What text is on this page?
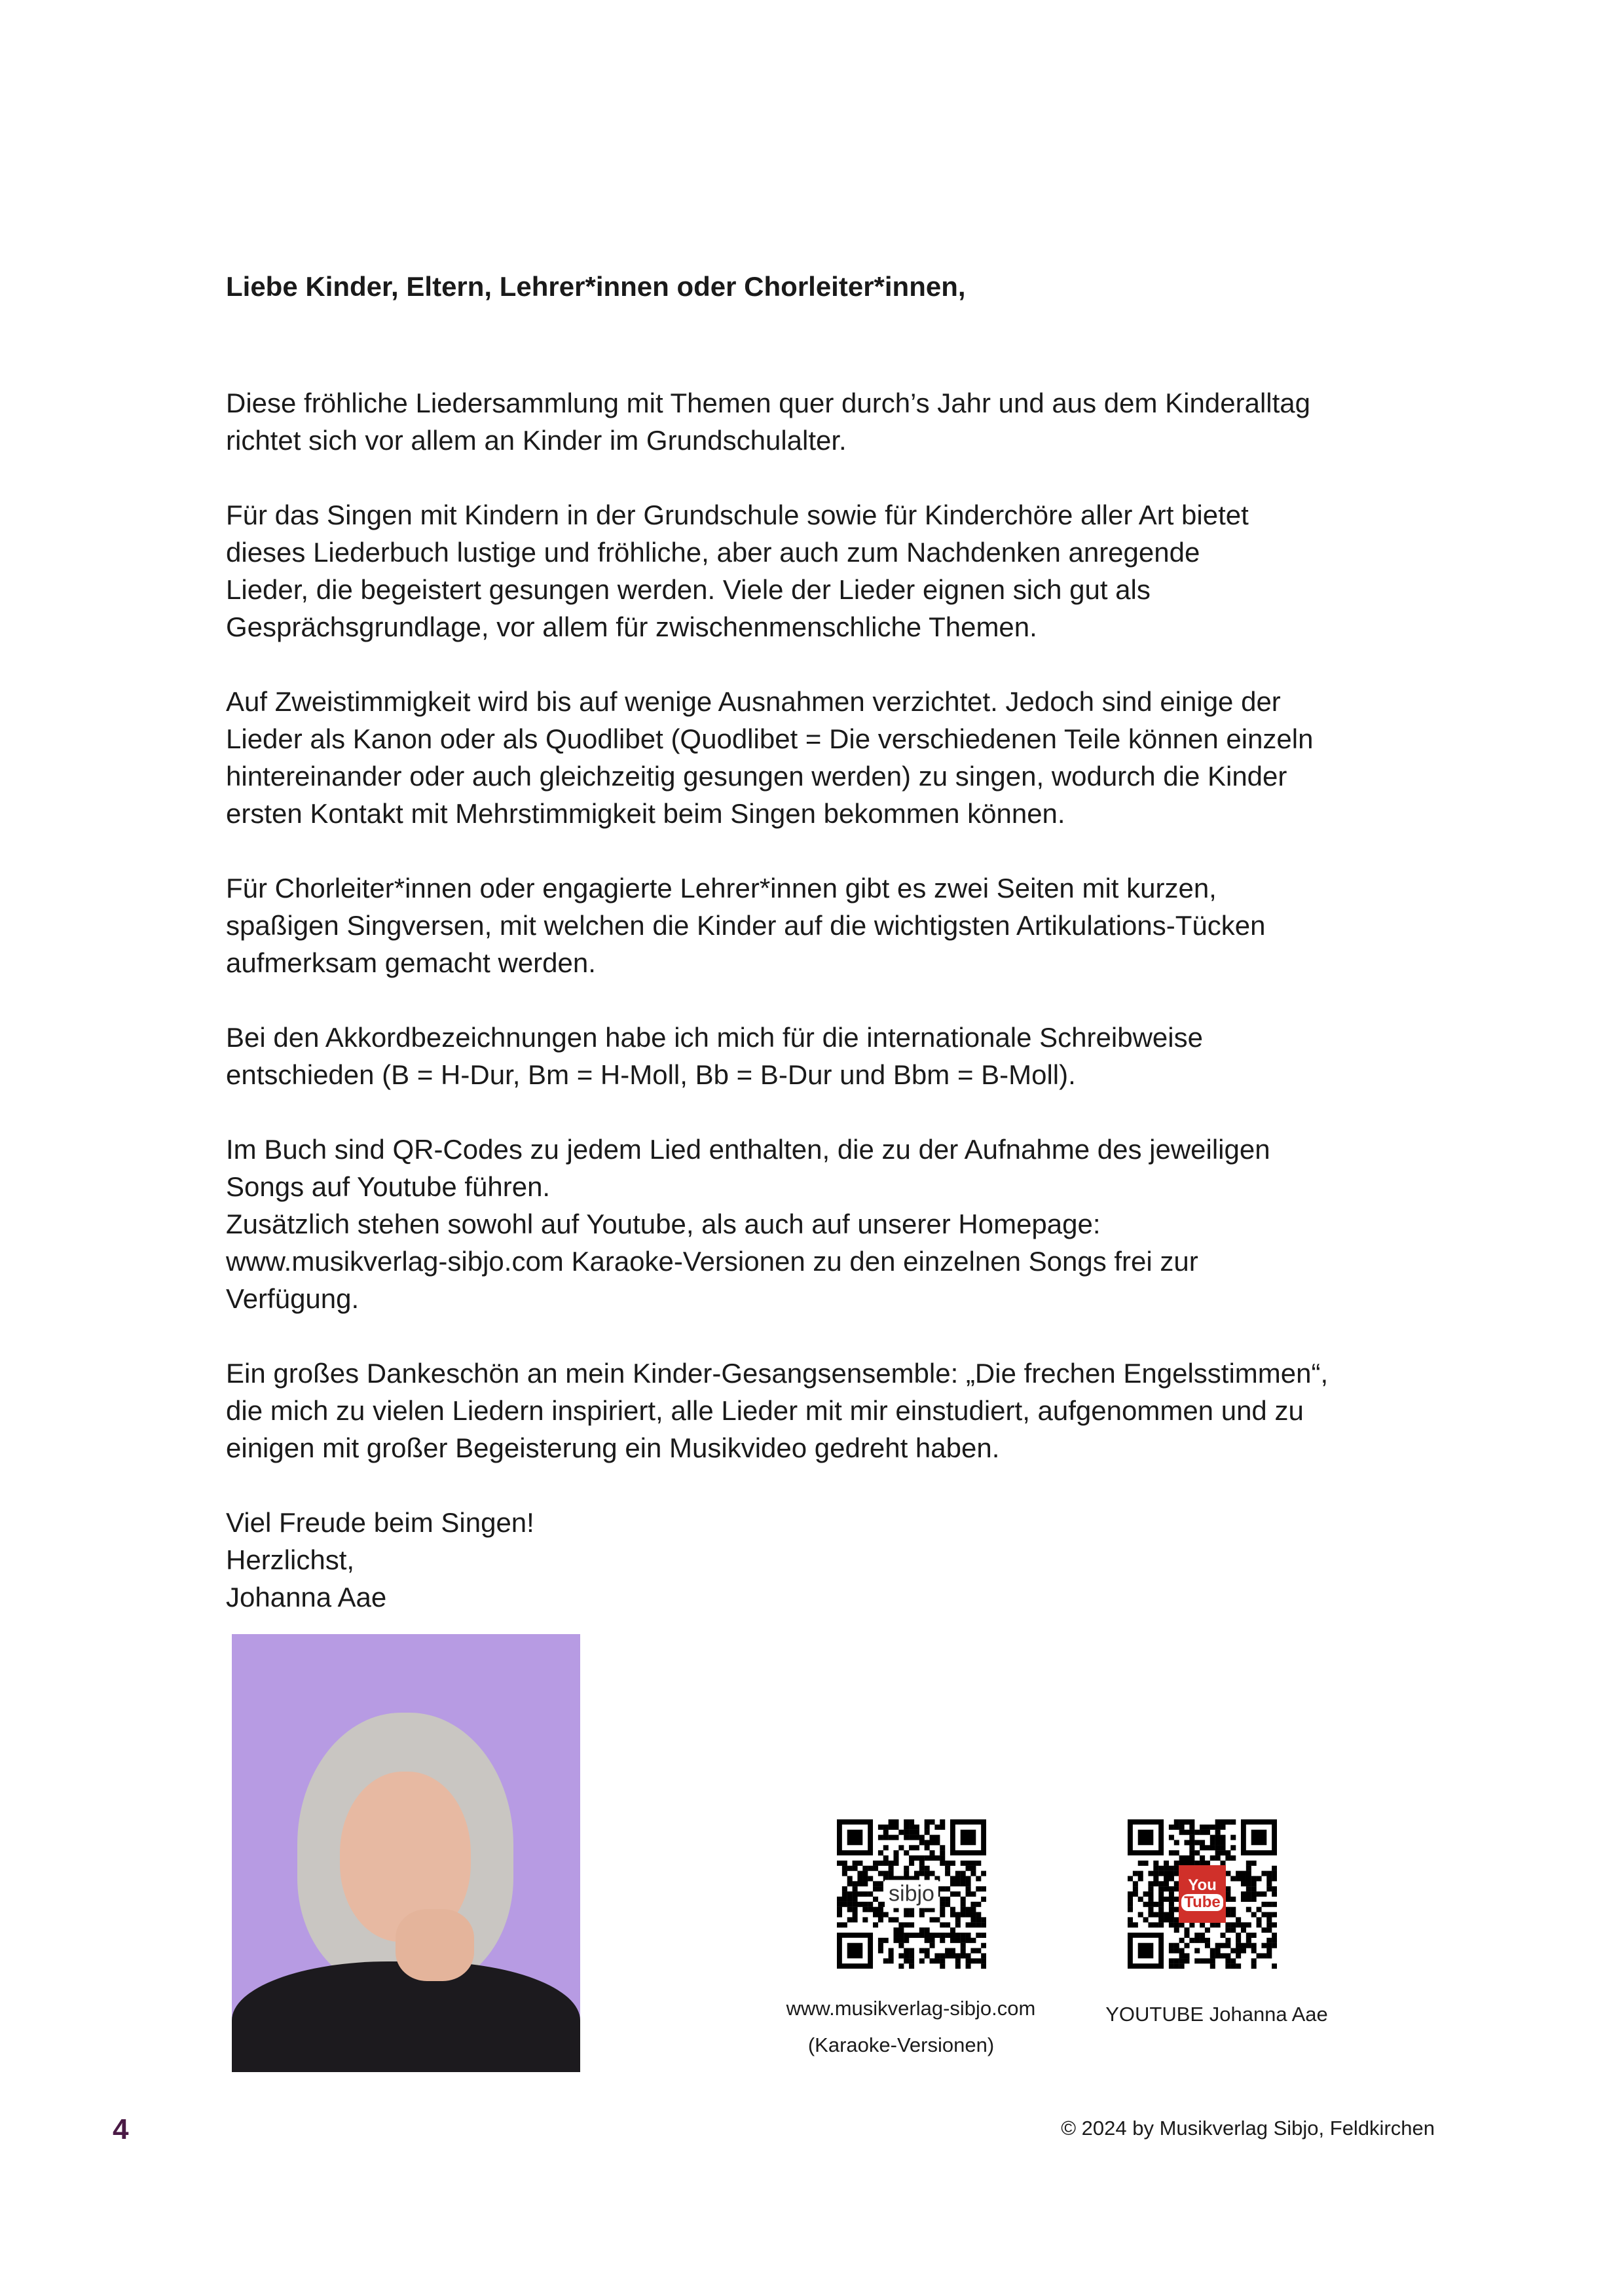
Liebe Kinder, Eltern, Lehrer*innen oder Chorleiter*innen,
Diese fröhliche Liedersammlung mit Themen quer durch’s Jahr und aus dem Kinderalltag
richtet sich vor allem an Kinder im Grundschulalter.
Für das Singen mit Kindern in der Grundschule sowie für Kinderchöre aller Art bietet
dieses Liederbuch lustige und fröhliche, aber auch zum Nachdenken anregende
Lieder, die begeistert gesungen werden. Viele der Lieder eignen sich gut als
Gesprächsgrundlage, vor allem für zwischenmenschliche Themen.
Auf Zweistimmigkeit wird bis auf wenige Ausnahmen verzichtet. Jedoch sind einige der
Lieder als Kanon oder als Quodlibet (Quodlibet = Die verschiedenen Teile können einzeln
hintereinander oder auch gleichzeitig gesungen werden) zu singen, wodurch die Kinder
ersten Kontakt mit Mehrstimmigkeit beim Singen bekommen können.
Für Chorleiter*innen oder engagierte Lehrer*innen gibt es zwei Seiten mit kurzen,
spaßigen Singversen, mit welchen die Kinder auf die wichtigsten Artikulations-Tücken
aufmerksam gemacht werden.
Bei den Akkordbezeichnungen habe ich mich für die internationale Schreibweise
entschieden (B = H-Dur, Bm = H-Moll, Bb = B-Dur und Bbm = B-Moll).
Im Buch sind QR-Codes zu jedem Lied enthalten, die zu der Aufnahme des jeweiligen
Songs auf Youtube führen.
Zusätzlich stehen sowohl auf Youtube, als auch auf unserer Homepage:
www.musikverlag-sibjo.com Karaoke-Versionen zu den einzelnen Songs frei zur
Verfügung.
Ein großes Dankeschön an mein Kinder-Gesangsensemble: „Die frechen Engelsstimmen“,
die mich zu vielen Liedern inspiriert, alle Lieder mit mir einstudiert, aufgenommen und zu
einigen mit großer Begeisterung ein Musikvideo gedreht haben.
Viel Freude beim Singen!
Herzlichst,
Johanna Aae
sibjo	You
Tube
www.musikverlag-sibjo.com
(Karaoke-Versionen)
YOUTUBE Johanna Aae
4	© 2024 by Musikverlag Sibjo, Feldkirchen
